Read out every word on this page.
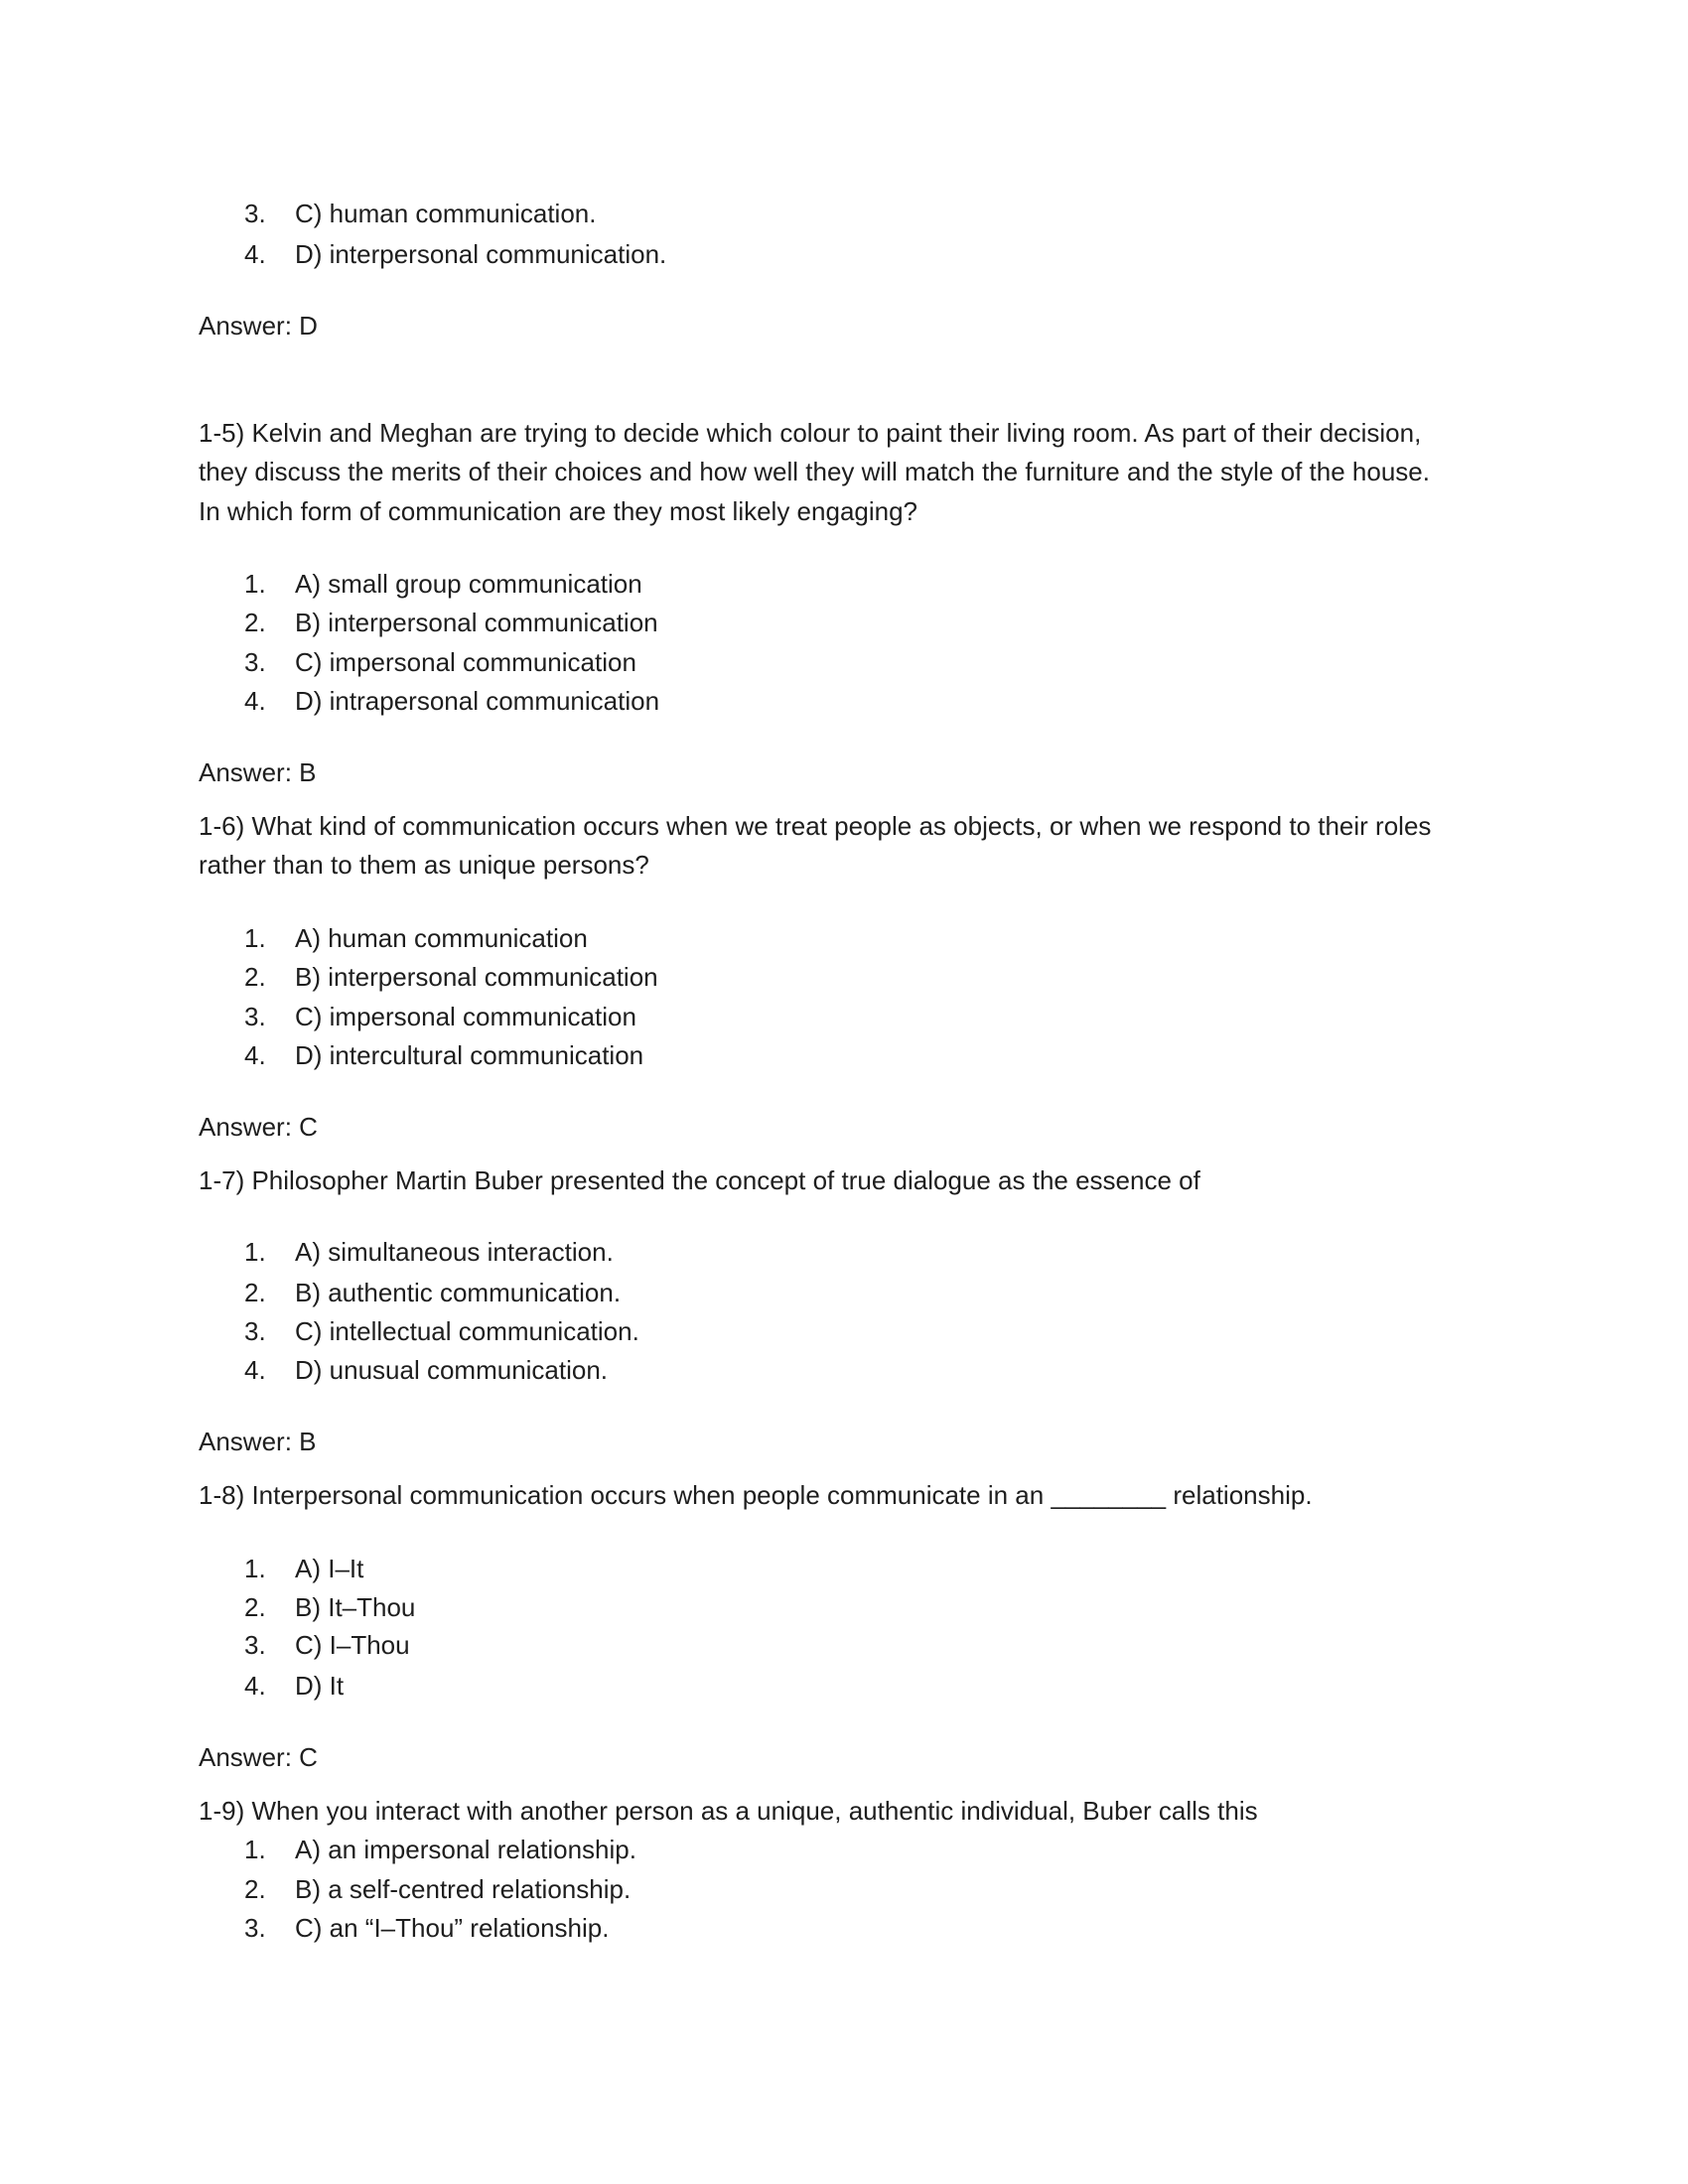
3. C) human communication.
4. D) interpersonal communication.
Answer: D
1-5) Kelvin and Meghan are trying to decide which colour to paint their living room. As part of their decision,
they discuss the merits of their choices and how well they will match the furniture and the style of the house.
In which form of communication are they most likely engaging?
1. A) small group communication
2. B) interpersonal communication
3. C) impersonal communication
4. D) intrapersonal communication
Answer: B
1-6) What kind of communication occurs when we treat people as objects, or when we respond to their roles
rather than to them as unique persons?
1. A) human communication
2. B) interpersonal communication
3. C) impersonal communication
4. D) intercultural communication
Answer: C
1-7) Philosopher Martin Buber presented the concept of true dialogue as the essence of
1. A) simultaneous interaction.
2. B) authentic communication.
3. C) intellectual communication.
4. D) unusual communication.
Answer: B
1-8) Interpersonal communication occurs when people communicate in an ________ relationship.
1. A) I–It
2. B) It–Thou
3. C) I–Thou
4. D) It
Answer: C
1-9) When you interact with another person as a unique, authentic individual, Buber calls this
1. A) an impersonal relationship.
2. B) a self-centred relationship.
3. C) an “I–Thou” relationship.
